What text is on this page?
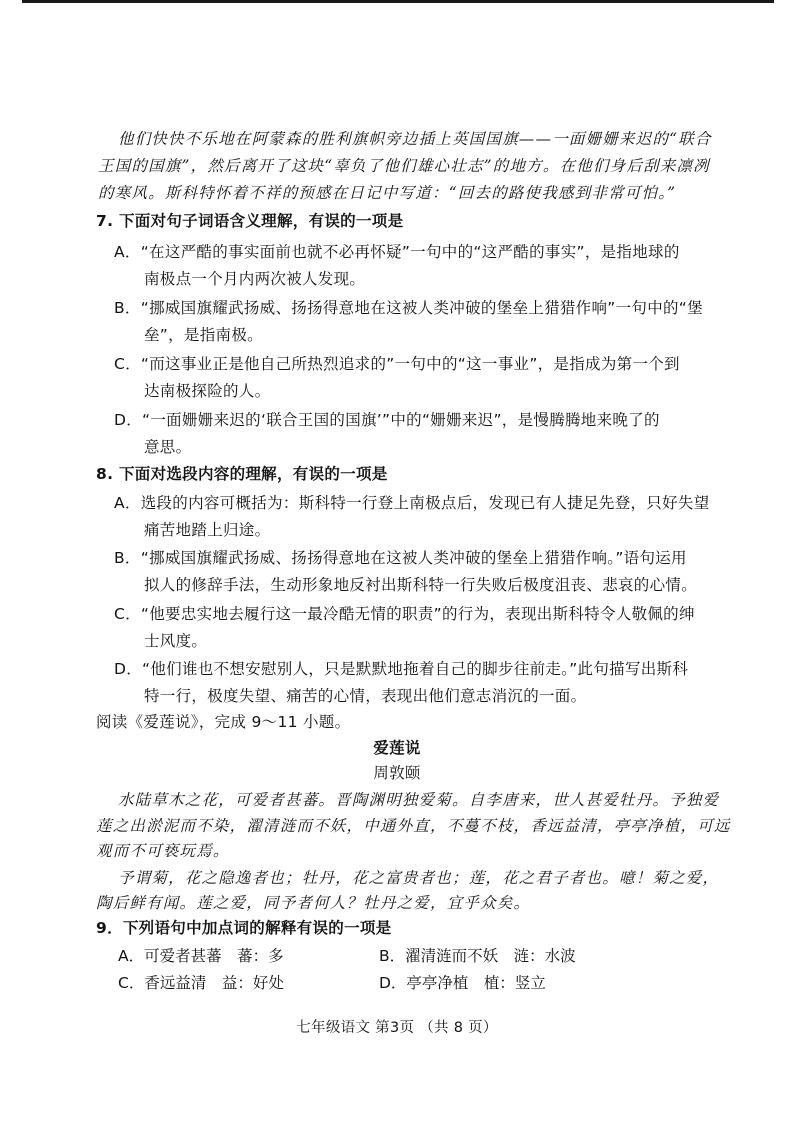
他们快快不乐地在阿蒙森的胜利旗帜旁边插上英国国旗——一面姗姗来迟的“联合
王国的国旗”，然后离开了这块“辜负了他们雄心壮志”的地方。在他们身后刮来凛冽
的寒风。斯科特怀着不祥的预感在日记中写道：“回去的路使我感到非常可怕。”
7. 下面对句子词语含义理解，有误的一项是
A．“在这严酷的事实面前也就不必再怀疑”一句中的“这严酷的事实”，是指地球的
南极点一个月内两次被人发现。
B．“挪威国旗耀武扬威、扬扬得意地在这被人类冲破的堡垒上猎猎作响”一句中的“堡
垒”，是指南极。
C．“而这事业正是他自己所热烈追求的”一句中的“这一事业”，是指成为第一个到
达南极探险的人。
D．“一面姗姗来迟的‘联合王国的国旗’”中的“姗姗来迟”，是慢腾腾地来晚了的
意思。
8. 下面对选段内容的理解，有误的一项是
A．选段的内容可概括为：斯科特一行登上南极点后，发现已有人捷足先登，只好失望
痛苦地踏上归途。
B．“挪威国旗耀武扬威、扬扬得意地在这被人类冲破的堡垒上猎猎作响。”语句运用
拟人的修辞手法，生动形象地反衬出斯科特一行失败后极度沮丧、悲哀的心情。
C．“他要忠实地去履行这一最冷酷无情的职责”的行为，表现出斯科特令人敬佩的绅
士风度。
D．“他们谁也不想安慰别人，只是默默地拖着自己的脚步往前走。”此句描写出斯科
特一行，极度失望、痛苦的心情，表现出他们意志消沉的一面。
阅读《爱莲说》，完成 9～11 小题。
爱莲说
周敦颐
水陆草木之花，可爱者甚蕃。晋陶渊明独爱菊。自李唐来，世人甚爱牡丹。予独爱
莲之出淤泥而不染，濯清涟而不妖，中通外直，不蔓不枝，香远益清，亭亭净植，可远
观而不可亵玩焉。
予谓菊，花之隐逸者也；牡丹，花之富贵者也；莲，花之君子者也。噫！菊之爱，
陶后鲜有闻。莲之爱，同予者何人？牡丹之爱，宜乎众矣。
9．下列语句中加点词的解释有误的一项是
A．可爱者甚蕃　蕃：多	B．濯清涟而不妖　涟：水波
C．香远益清　益：好处	D．亭亭净植　植：竖立
七年级语文 第3页 （共 8 页）
